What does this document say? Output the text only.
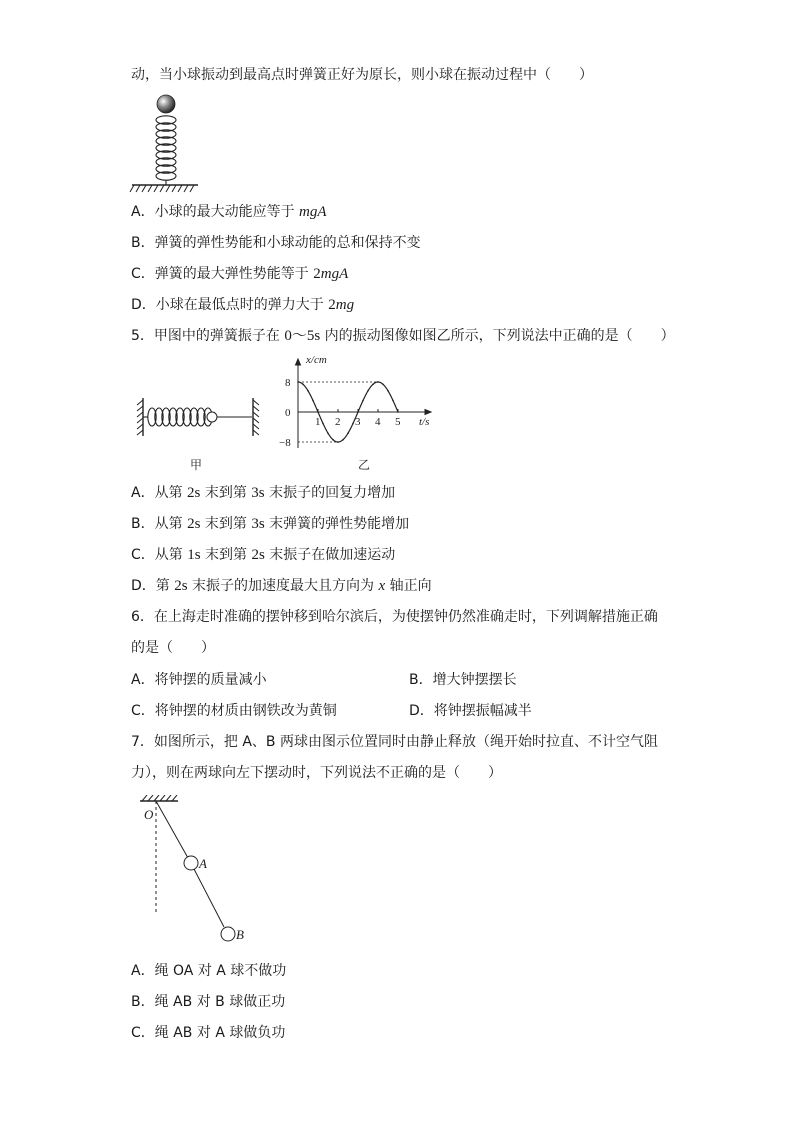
动，当小球振动到最高点时弹簧正好为原长，则小球在振动过程中（　　）
A．小球的最大动能应等于 mgA
B．弹簧的弹性势能和小球动能的总和保持不变
C．弹簧的最大弹性势能等于 2mgA
D．小球在最低点时的弹力大于 2mg
5．甲图中的弹簧振子在 0～5s 内的振动图像如图乙所示，下列说法中正确的是（　　）
甲
x/cm
t/s
乙
1 2 3 4 5
8
0
−8
A．从第 2s 末到第 3s 末振子的回复力增加
B．从第 2s 末到第 3s 末弹簧的弹性势能增加
C．从第 1s 末到第 2s 末振子在做加速运动
D．第 2s 末振子的加速度最大且方向为 x 轴正向
6．在上海走时准确的摆钟移到哈尔滨后，为使摆钟仍然准确走时，下列调解措施正确
的是（　　）
A．将钟摆的质量减小	B．增大钟摆摆长
C．将钟摆的材质由钢铁改为黄铜	D．将钟摆振幅减半
7．如图所示，把 A、B 两球由图示位置同时由静止释放（绳开始时拉直、不计空气阻
力），则在两球向左下摆动时，下列说法不正确的是（　　）
O
A
B
A．绳 OA 对 A 球不做功
B．绳 AB 对 B 球做正功
C．绳 AB 对 A 球做负功
